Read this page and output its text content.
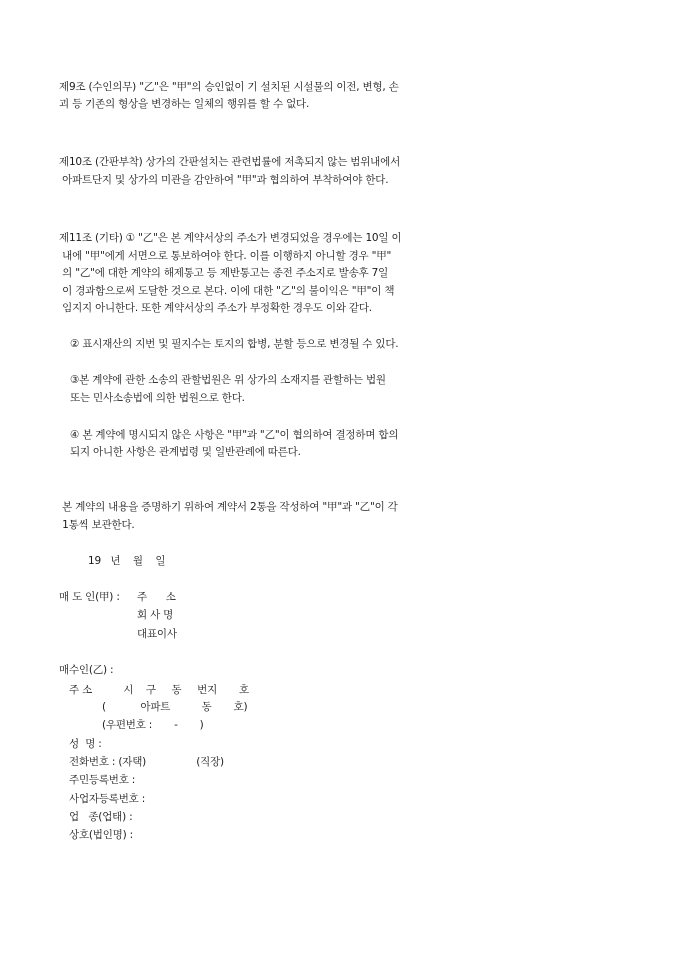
제9조 (수인의무) "乙"은 "甲"의 승인없이 기 설치된 시설물의 이전, 변형, 손
괴 등 기존의 형상을 변경하는 일체의 행위를 할 수 없다.
제10조 (간판부착) 상가의 간판설치는 관련법률에 저촉되지 않는 범위내에서
아파트단지 및 상가의 미관을 감안하여 "甲"과 협의하여 부착하여야 한다.
제11조 (기타) ① "乙"은 본 계약서상의 주소가 변경되었을 경우에는 10일 이
내에 "甲"에게 서면으로 통보하여야 한다. 이를 이행하지 아니할 경우 "甲"
의 "乙"에 대한 계약의 해제통고 등 제반통고는 종전 주소지로 발송후 7일
이 경과함으로써 도달한 것으로 본다. 이에 대한 "乙"의 불이익은 "甲"이 책
임지지 아니한다. 또한 계약서상의 주소가 부정확한 경우도 이와 같다.
② 표시재산의 지번 및 필지수는 토지의 합병, 분할 등으로 변경될 수 있다.
③본 계약에 관한 소송의 관할법원은 위 상가의 소재지를 관할하는 법원
또는 민사소송법에 의한 법원으로 한다.
④ 본 계약에 명시되지 않은 사항은 "甲"과 "乙"이 협의하여 결정하며 합의
되지 아니한 사항은 관계법령 및 일반관례에 따른다.
본 계약의 내용을 증명하기 위하여 계약서 2통을 작성하여 "甲"과 "乙"이 각
1통씩 보관한다.
19   년    월    일
매 도 인(甲) : 주      소
회 사 명
대표이사
매수인(乙) :
주 소          시    구     동     번지       호
(           아파트          동       호)
(우편번호 :       -       )
성  명 :
전화번호 : (자택)                (직장)
주민등록번호 :
사업자등록번호 :
업   종(업태) :
상호(법인명) :
